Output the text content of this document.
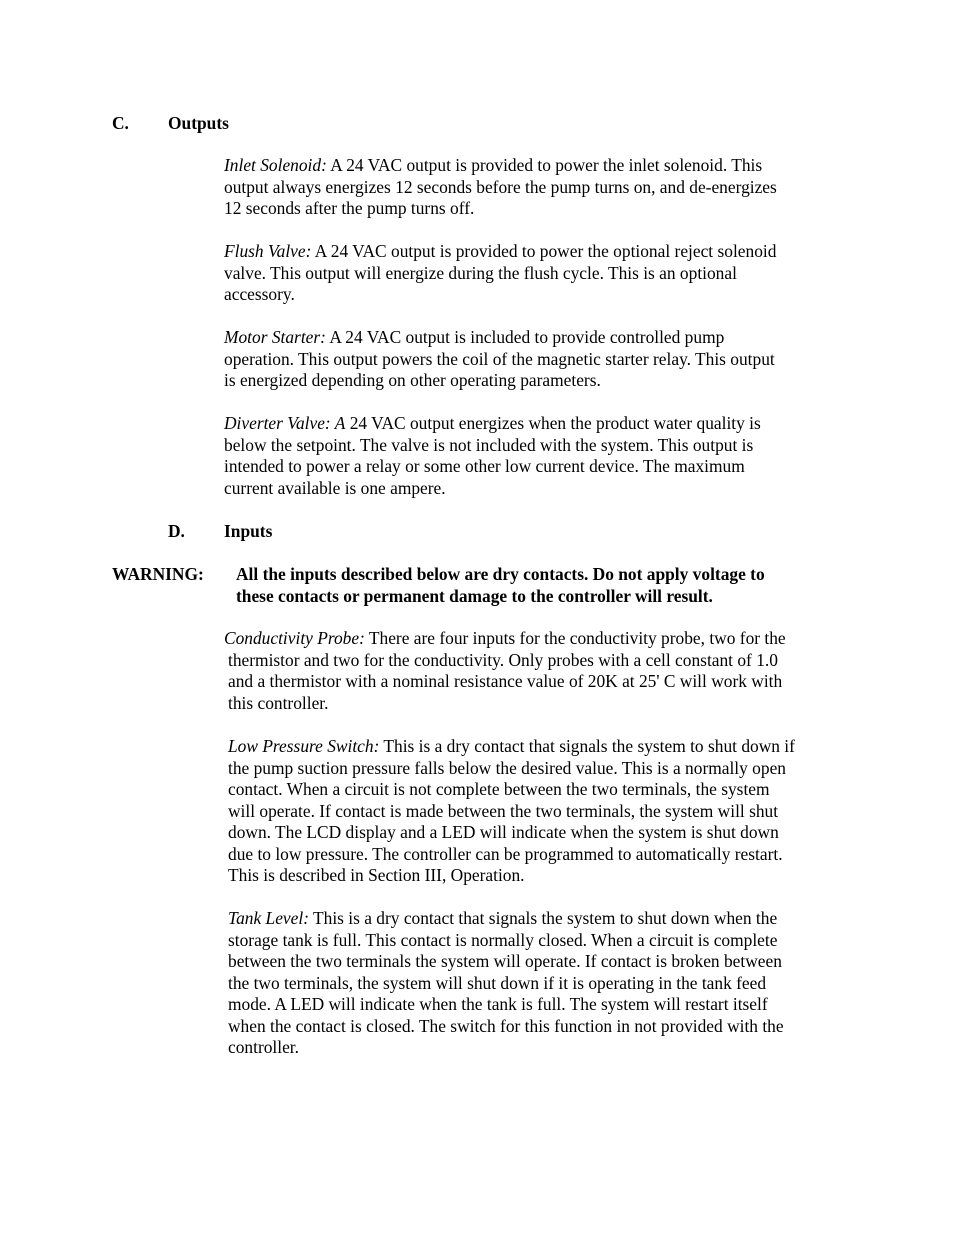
C. Outputs
Inlet Solenoid: A 24 VAC output is provided to power the inlet solenoid. This
output always energizes 12 seconds before the pump turns on, and de-energizes
12 seconds after the pump turns off.
Flush Valve: A 24 VAC output is provided to power the optional reject solenoid
valve. This output will energize during the flush cycle. This is an optional
accessory.
Motor Starter: A 24 VAC output is included to provide controlled pump
operation. This output powers the coil of the magnetic starter relay. This output
is energized depending on other operating parameters.
Diverter Valve: A 24 VAC output energizes when the product water quality is
below the setpoint. The valve is not included with the system. This output is
intended to power a relay or some other low current device. The maximum
current available is one ampere.
D. Inputs
WARNING: All the inputs described below are dry contacts. Do not apply voltage to
these contacts or permanent damage to the controller will result.
Conductivity Probe: There are four inputs for the conductivity probe, two for the
thermistor and two for the conductivity. Only probes with a cell constant of 1.0
and a thermistor with a nominal resistance value of 20K at 25' C will work with
this controller.
Low Pressure Switch: This is a dry contact that signals the system to shut down if
the pump suction pressure falls below the desired value. This is a normally open
contact. When a circuit is not complete between the two terminals, the system
will operate. If contact is made between the two terminals, the system will shut
down. The LCD display and a LED will indicate when the system is shut down
due to low pressure. The controller can be programmed to automatically restart.
This is described in Section III, Operation.
Tank Level: This is a dry contact that signals the system to shut down when the
storage tank is full. This contact is normally closed. When a circuit is complete
between the two terminals the system will operate. If contact is broken between
the two terminals, the system will shut down if it is operating in the tank feed
mode. A LED will indicate when the tank is full. The system will restart itself
when the contact is closed. The switch for this function in not provided with the
controller.
